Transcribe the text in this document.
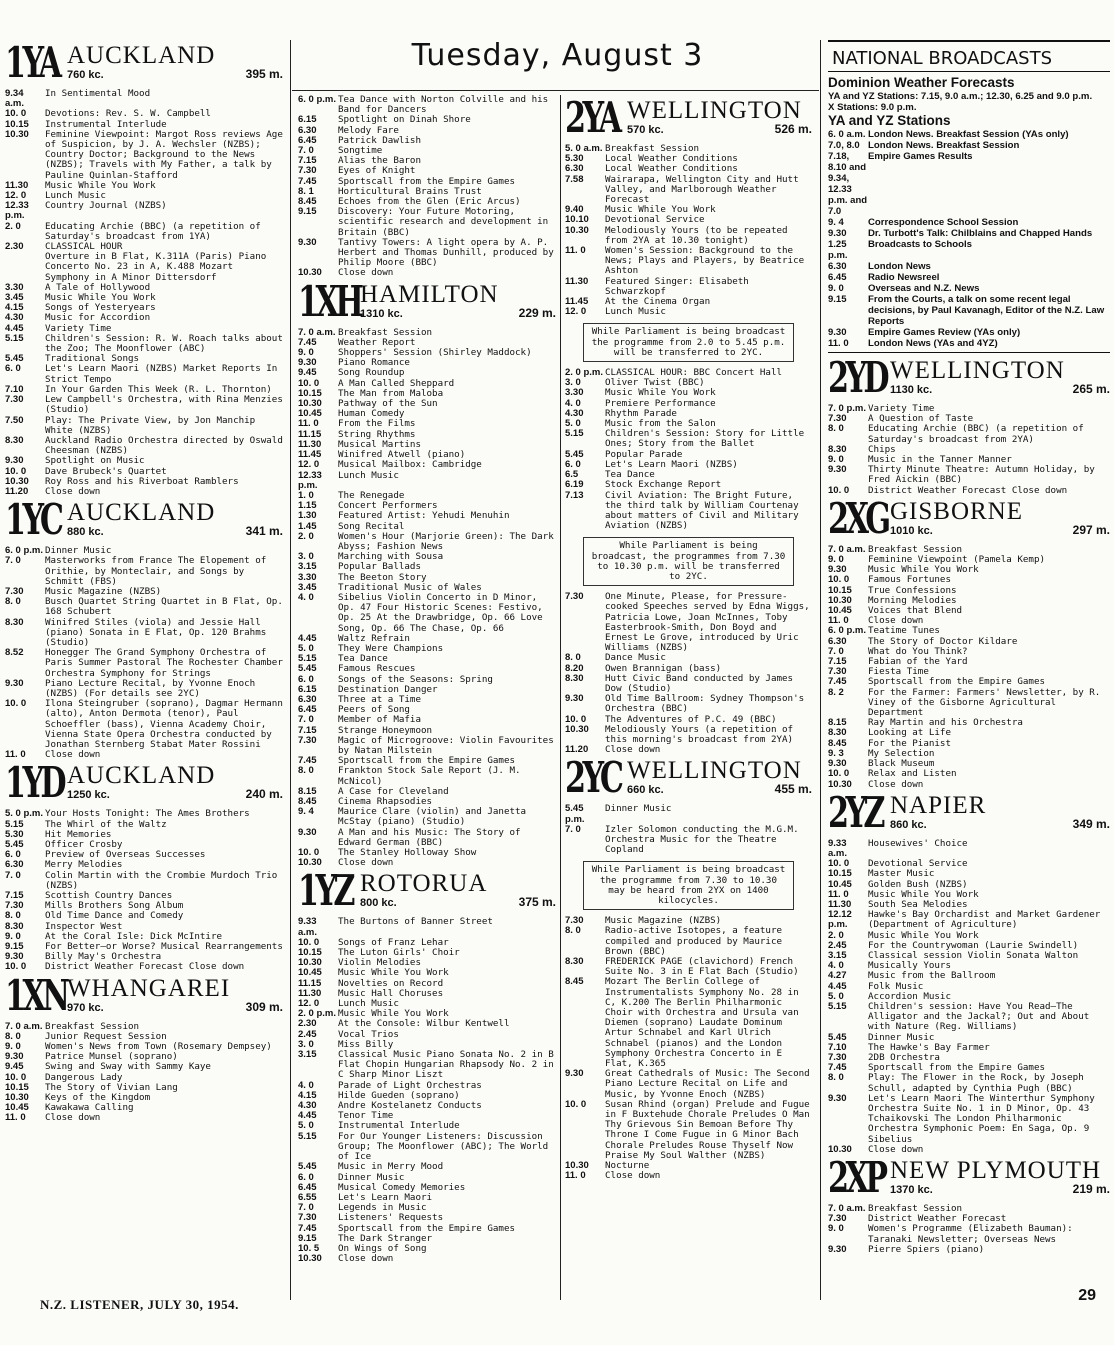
Tuesday, August 3
1YA AUCKLAND
760 kc.	395 m.
9.34 a.m.
In Sentimental Mood
10. 0	Devotions: Rev. S. W. Campbell
10.15	Instrumental Interlude
10.30	Feminine Viewpoint: Margot Ross reviews Age of Suspicion, by J. A. Wechsler (NZBS); Country Doctor; Background to the News (NZBS); Travels with My Father, a talk by Pauline Quinlan-Stafford
11.30	Music While You Work
12. 0	Lunch Music
12.33 p.m.
Country Journal (NZBS)
2. 0	Educating Archie (BBC) (a repetition of Saturday's broadcast from 1YA)
2.30	CLASSICAL HOUR
Overture in B Flat, K.311A (Paris) Piano Concerto No. 23 in A, K.488 Mozart
Symphony in A Minor Dittersdorf
3.30	A Tale of Hollywood
3.45	Music While You Work
4.15	Songs of Yesteryears
4.30	Music for Accordion
4.45	Variety Time
5.15	Children's Session: R. W. Roach talks about the Zoo; The Moonflower (ABC)
5.45	Traditional Songs
6. 0	Let's Learn Maori (NZBS) Market Reports In Strict Tempo
7.10	In Your Garden This Week (R. L. Thornton)
7.30	Lew Campbell's Orchestra, with Rina Menzies (Studio)
7.50	Play: The Private View, by Jon Manchip White (NZBS)
8.30	Auckland Radio Orchestra directed by Oswald Cheesman (NZBS)
9.30	Spotlight on Music
10. 0	Dave Brubeck's Quartet
10.30	Roy Ross and his Riverboat Ramblers
11.20	Close down
1YC AUCKLAND
880 kc.	341 m.
6. 0 p.m. Dinner Music
7. 0	Masterworks from France The Elopement of Orithie, by Monteclair, and Songs by Schmitt (FBS)
7.30	Music Magazine (NZBS)
8. 0	Busch Quartet String Quartet in B Flat, Op. 168 Schubert
8.30	Winifred Stiles (viola) and Jessie Hall (piano) Sonata in E Flat, Op. 120 Brahms (Studio)
8.52	Honegger The Grand Symphony Orchestra of Paris Summer Pastoral The Rochester Chamber Orchestra Symphony for Strings
9.30	Piano Lecture Recital, by Yvonne Enoch (NZBS) (For details see 2YC)
10. 0	Ilona Steingruber (soprano), Dagmar Hermann (alto), Anton Dermota (tenor), Paul Schoeffler (bass), Vienna Academy Choir, Vienna State Opera Orchestra conducted by Jonathan Sternberg Stabat Mater Rossini
11. 0	Close down
1YD AUCKLAND
1250 kc.	240 m.
5. 0 p.m. Your Hosts Tonight: The Ames Brothers
5.15	The Whirl of the Waltz
5.30	Hit Memories
5.45	Officer Crosby
6. 0	Preview of Overseas Successes
6.30	Merry Melodies
7. 0	Colin Martin with the Crombie Murdoch Trio (NZBS)
7.15	Scottish Country Dances
7.30	Mills Brothers Song Album
8. 0	Old Time Dance and Comedy
8.30	Inspector West
9. 0	At the Coral Isle: Dick McIntire
9.15	For Better—or Worse? Musical Rearrangements
9.30	Billy May's Orchestra
10. 0	District Weather Forecast Close down
1XN WHANGAREI
970 kc.	309 m.
7. 0 a.m. Breakfast Session
8. 0	Junior Request Session
9. 0	Women's News from Town (Rosemary Dempsey)
9.30	Patrice Munsel (soprano)
9.45	Swing and Sway with Sammy Kaye
10. 0	Dangerous Lady
10.15	The Story of Vivian Lang
10.30	Keys of the Kingdom
10.45	Kawakawa Calling
11. 0	Close down
6. 0 p.m. Tea Dance with Norton Colville and his Band for Dancers
6.15	Spotlight on Dinah Shore
6.30	Melody Fare
6.45	Patrick Dawlish
7. 0	Songtime
7.15	Alias the Baron
7.30	Eyes of Knight
7.45	Sportscall from the Empire Games
8. 1	Horticultural Brains Trust
8.45	Echoes from the Glen (Eric Arcus)
9.15	Discovery: Your Future Motoring, scientific research and development in Britain (BBC)
9.30	Tantivy Towers: A light opera by A. P. Herbert and Thomas Dunhill, produced by Philip Moore (BBC)
10.30	Close down
1XH HAMILTON
1310 kc.	229 m.
7. 0 a.m. Breakfast Session
7.45	Weather Report
9. 0	Shoppers' Session (Shirley Maddock)
9.30	Piano Romance
9.45	Song Roundup
10. 0	A Man Called Sheppard
10.15	The Man from Maloba
10.30	Pathway of the Sun
10.45	Human Comedy
11. 0	From the Films
11.15	String Rhythms
11.30	Musical Martins
11.45	Winifred Atwell (piano)
12. 0	Musical Mailbox: Cambridge
12.33 p.m.
Lunch Music
1. 0	The Renegade
1.15	Concert Performers
1.30	Featured Artist: Yehudi Menuhin
1.45	Song Recital
2. 0	Women's Hour (Marjorie Green): The Dark Abyss; Fashion News
3. 0	Marching with Sousa
3.15	Popular Ballads
3.30	The Beeton Story
3.45	Traditional Music of Wales
4. 0	Sibelius Violin Concerto in D Minor, Op. 47 Four Historic Scenes: Festivo, Op. 25 At the Drawbridge, Op. 66 Love Song, Op. 66 The Chase, Op. 66
4.45	Waltz Refrain
5. 0	They Were Champions
5.15	Tea Dance
5.45	Famous Rescues
6. 0	Songs of the Seasons: Spring
6.15	Destination Danger
6.30	Three at a Time
6.45	Peers of Song
7. 0	Member of Mafia
7.15	Strange Honeymoon
7.30	Magic of Microgroove: Violin Favourites by Natan Milstein
7.45	Sportscall from the Empire Games
8. 0	Frankton Stock Sale Report (J. M. McNicol)
8.15	A Case for Cleveland
8.45	Cinema Rhapsodies
9. 4	Maurice Clare (violin) and Janetta McStay (piano) (Studio)
9.30	A Man and his Music: The Story of Edward German (BBC)
10. 0	The Stanley Holloway Show
10.30	Close down
1YZ ROTORUA
800 kc.	375 m.
9.33 a.m.
The Burtons of Banner Street
10. 0	Songs of Franz Lehar
10.15	The Luton Girls' Choir
10.30	Violin Melodies
10.45	Music While You Work
11.15	Novelties on Record
11.30	Music Hall Choruses
12. 0	Lunch Music
2. 0 p.m. Music While You Work
2.30	At the Console: Wilbur Kentwell
2.45	Vocal Trios
3. 0	Miss Billy
3.15	Classical Music Piano Sonata No. 2 in B Flat Chopin Hungarian Rhapsody No. 2 in C Sharp Minor Liszt
4. 0	Parade of Light Orchestras
4.15	Hilde Gueden (soprano)
4.30	Andre Kostelanetz Conducts
4.45	Tenor Time
5. 0	Instrumental Interlude
5.15	For Our Younger Listeners: Discussion Group; The Moonflower (ABC); The World of Ice
5.45	Music in Merry Mood
6. 0	Dinner Music
6.45	Musical Comedy Memories
6.55	Let's Learn Maori
7. 0	Legends in Music
7.30	Listeners' Requests
7.45	Sportscall from the Empire Games
9.15	The Dark Stranger
10. 5	On Wings of Song
10.30	Close down
2YA WELLINGTON
570 kc.	526 m.
5. 0 a.m. Breakfast Session
5.30	Local Weather Conditions
6.30	Local Weather Conditions
7.58	Wairarapa, Wellington City and Hutt Valley, and Marlborough Weather Forecast
9.40	Music While You Work
10.10	Devotional Service
10.30	Melodiously Yours (to be repeated from 2YA at 10.30 tonight)
11. 0	Women's Session: Background to the News; Plays and Players, by Beatrice Ashton
11.30	Featured Singer: Elisabeth Schwarzkopf
11.45	At the Cinema Organ
12. 0	Lunch Music
While Parliament is being broadcast the programme from 2.0 to 5.45 p.m. will be transferred to 2YC.
2. 0 p.m. CLASSICAL HOUR: BBC Concert Hall
3. 0	Oliver Twist (BBC)
3.30	Music While You Work
4. 0	Premiere Performance
4.30	Rhythm Parade
5. 0	Music from the Salon
5.15	Children's Session: Story for Little Ones; Story from the Ballet
5.45	Popular Parade
6. 0	Let's Learn Maori (NZBS)
6.5	Tea Dance
6.19	Stock Exchange Report
7.13	Civil Aviation: The Bright Future, the third talk by William Courtenay about matters of Civil and Military Aviation (NZBS)
While Parliament is being broadcast, the programmes from 7.30 to 10.30 p.m. will be transferred to 2YC.
7.30	One Minute, Please, for Pressure-cooked Speeches served by Edna Wiggs, Patricia Lowe, Joan McInnes, Toby Easterbrook-Smith, Don Boyd and Ernest Le Grove, introduced by Uric Williams (NZBS)
8. 0	Dance Music
8.20	Owen Brannigan (bass)
8.30	Hutt Civic Band conducted by James Dow (Studio)
9.30	Old Time Ballroom: Sydney Thompson's Orchestra (BBC)
10. 0	The Adventures of P.C. 49 (BBC)
10.30	Melodiously Yours (a repetition of this morning's broadcast from 2YA)
11.20	Close down
2YC WELLINGTON
660 kc.	455 m.
5.45 p.m.
Dinner Music
7. 0	Izler Solomon conducting the M.G.M. Orchestra Music for the Theatre Copland
While Parliament is being broadcast the programme from 7.30 to 10.30 may be heard from 2YX on 1400 kilocycles.
7.30	Music Magazine (NZBS)
8. 0	Radio-active Isotopes, a feature compiled and produced by Maurice Brown (BBC)
8.30	FREDERICK PAGE (clavichord) French Suite No. 3 in E Flat Bach (Studio)
8.45	Mozart The Berlin College of Instrumentalists Symphony No. 28 in C, K.200 The Berlin Philharmonic Choir with Orchestra and Ursula van Diemen (soprano) Laudate Dominum Artur Schnabel and Karl Ulrich Schnabel (pianos) and the London Symphony Orchestra Concerto in E Flat, K.365
9.30	Great Cathedrals of Music: The Second Piano Lecture Recital on Life and Music, by Yvonne Enoch (NZBS)
10. 0	Susan Rhind (organ) Prelude and Fugue in F Buxtehude Chorale Preludes O Man Thy Grievous Sin Bemoan Before Thy Throne I Come Fugue in G Minor Bach Chorale Preludes Rouse Thyself Now Praise My Soul Walther (NZBS)
10.30	Nocturne
11. 0	Close down
NATIONAL BROADCASTS
Dominion Weather Forecasts
YA and YZ Stations: 7.15, 9.0 a.m.; 12.30, 6.25 and 9.0 p.m.
X Stations: 9.0 p.m.
YA and YZ Stations
6. 0 a.m. London News. Breakfast Session (YAs only)
7.0, 8.0 London News. Breakfast Session
7.18, 8.10 and 9.34, 12.33 p.m. and 7.0
Empire Games Results
9. 4	Correspondence School Session
9.30	Dr. Turbott's Talk: Chilblains and Chapped Hands
1.25 p.m.
Broadcasts to Schools
6.30	London News
6.45	Radio Newsreel
9. 0	Overseas and N.Z. News
9.15	From the Courts, a talk on some recent legal decisions, by Paul Kavanagh, Editor of the N.Z. Law Reports
9.30	Empire Games Review (YAs only)
11. 0	London News (YAs and 4YZ)
2YD WELLINGTON
1130 kc.	265 m.
7. 0 p.m. Variety Time
7.30	A Question of Taste
8. 0	Educating Archie (BBC) (a repetition of Saturday's broadcast from 2YA)
8.30	Chips
9. 0	Music in the Tanner Manner
9.30	Thirty Minute Theatre: Autumn Holiday, by Fred Aickin (BBC)
10. 0	District Weather Forecast Close down
2XG GISBORNE
1010 kc.	297 m.
7. 0 a.m. Breakfast Session
9. 0	Feminine Viewpoint (Pamela Kemp)
9.30	Music While You Work
10. 0	Famous Fortunes
10.15	True Confessions
10.30	Morning Melodies
10.45	Voices that Blend
11. 0	Close down
6. 0 p.m. Teatime Tunes
6.30	The Story of Doctor Kildare
7. 0	What do You Think?
7.15	Fabian of the Yard
7.30	Fiesta Time
7.45	Sportscall from the Empire Games
8. 2	For the Farmer: Farmers' Newsletter, by R. Viney of the Gisborne Agricultural Department
8.15	Ray Martin and his Orchestra
8.30	Looking at Life
8.45	For the Pianist
9. 3	My Selection
9.30	Black Museum
10. 0	Relax and Listen
10.30	Close down
2YZ NAPIER
860 kc.	349 m.
9.33 a.m.
Housewives' Choice
10. 0	Devotional Service
10.15	Master Music
10.45	Golden Bush (NZBS)
11. 0	Music While You Work
11.30	South Sea Melodies
12.12 p.m.
Hawke's Bay Orchardist and Market Gardener (Department of Agriculture)
2. 0	Music While You Work
2.45	For the Countrywoman (Laurie Swindell)
3.15	Classical session Violin Sonata Walton
4. 0	Musically Yours
4.27	Music from the Ballroom
4.45	Folk Music
5. 0	Accordion Music
5.15	Children's session: Have You Read—The Alligator and the Jackal?; Out and About with Nature (Reg. Williams)
5.45	Dinner Music
7.10	The Hawke's Bay Farmer
7.30	2DB Orchestra
7.45	Sportscall from the Empire Games
8. 0	Play: The Flower in the Rock, by Joseph Schull, adapted by Cynthia Pugh (BBC)
9.30	Let's Learn Maori The Winterthur Symphony Orchestra Suite No. 1 in D Minor, Op. 43 Tchaikovski The London Philharmonic Orchestra Symphonic Poem: En Saga, Op. 9 Sibelius
10.30	Close down
2XP NEW PLYMOUTH
1370 kc.	219 m.
7. 0 a.m. Breakfast Session
7.30	District Weather Forecast
9. 0	Women's Programme (Elizabeth Bauman): Taranaki Newsletter; Overseas News
9.30	Pierre Spiers (piano)
N.Z. LISTENER, JULY 30, 1954.
29
